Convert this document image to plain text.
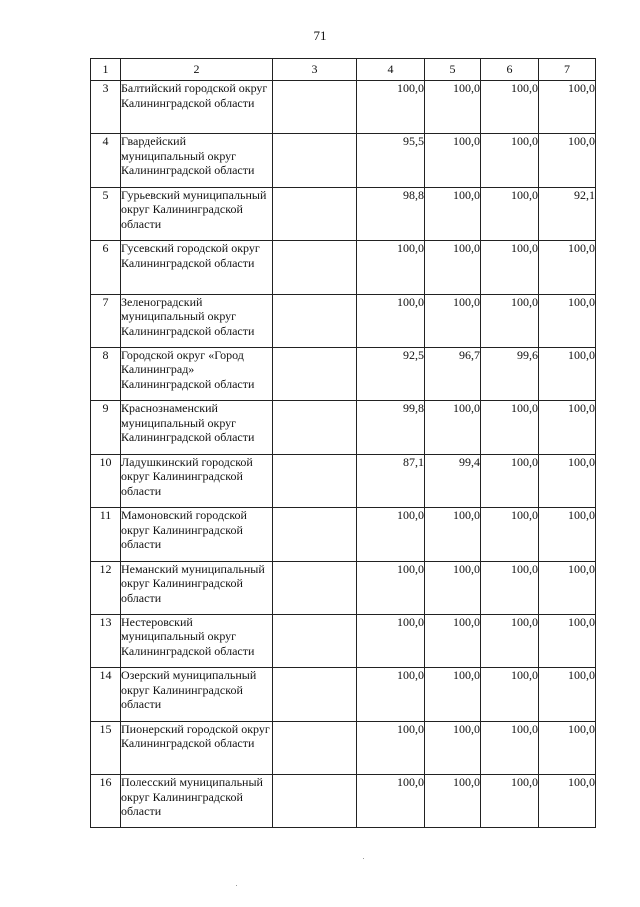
71
1	2	3	4	5	6	7
3	Балтийский городской округ Калининградской области		100,0	100,0	100,0	100,0
4	Гвардейский муниципальный округ Калининградской области		95,5	100,0	100,0	100,0
5	Гурьевский муниципальный округ Калининградской области		98,8	100,0	100,0	92,1
6	Гусевский городской округ Калининградской области		100,0	100,0	100,0	100,0
7	Зеленоградский муниципальный округ Калининградской области		100,0	100,0	100,0	100,0
8	Городской округ «Город Калининград» Калининградской области		92,5	96,7	99,6	100,0
9	Краснознаменский муниципальный округ Калининградской области		99,8	100,0	100,0	100,0
10	Ладушкинский городской округ Калининградской области		87,1	99,4	100,0	100,0
11	Мамоновский городской округ Калининградской области		100,0	100,0	100,0	100,0
12	Неманский муниципальный округ Калининградской области		100,0	100,0	100,0	100,0
13	Нестеровский муниципальный округ Калининградской области		100,0	100,0	100,0	100,0
14	Озерский муниципальный округ Калининградской области		100,0	100,0	100,0	100,0
15	Пионерский городской округ Калининградской области		100,0	100,0	100,0	100,0
16	Полесский муниципальный округ Калининградской области		100,0	100,0	100,0	100,0
